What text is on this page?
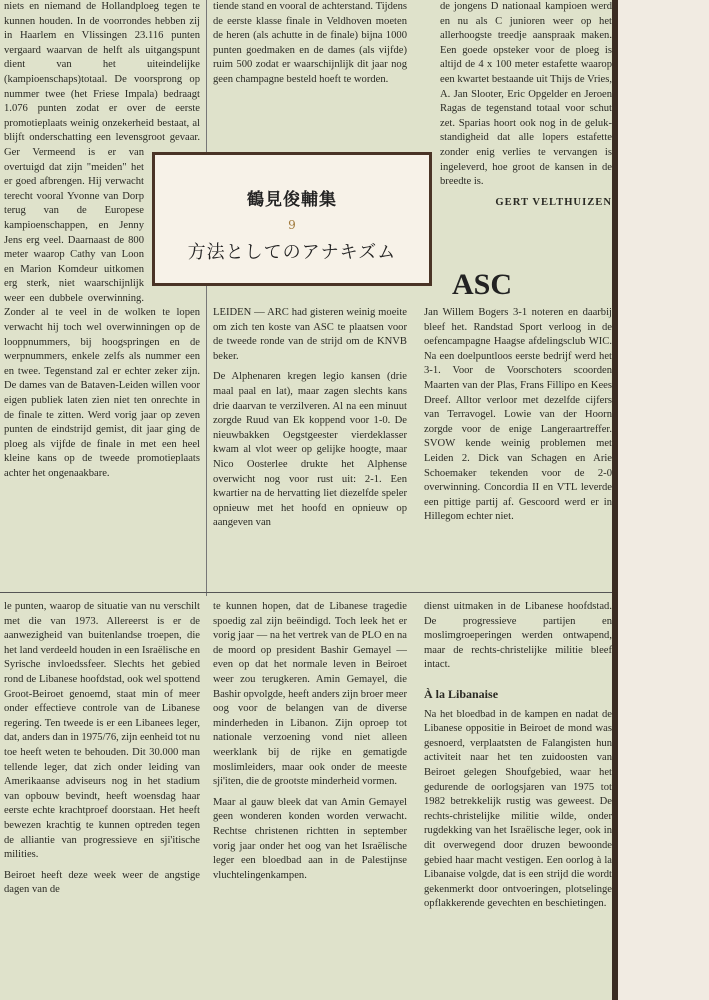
niets en niemand de Hollandploeg tegen te kunnen houden. In de voorrondes hebben zij in Haarlem en Vlissingen 23.116 punten vergaard waarvan de helft als uitgangspunt dient van het uiteindelijke (kampioenschaps)totaal. De voorsprong op nummer twee (het Friese Impala) bedraagt 1.076 punten zodat er over de eerste promotieplaats weinig onzekerheid bestaat, al blijft onderschatting een levensgroot gevaar. Ger Vermeend is er van overtuigd dat zijn "meiden" het er goed afbrengen. Hij verwacht terecht vooral Yvonne van Dorp terug van de Europese kampioenschappen, en Jenny Jens erg veel. Daarnaast de 800 meter waarop Cathy van Loon en Marion Komdeur uitkomen erg sterk, niet waarschijnlijk weer een dubbele overwinning. Zonder al te veel in de wolken te lopen verwacht hij toch wel overwinningen op de looppnummers, bij hoogspringen en de werpnummers, enkele zelfs als nummer een en twee. Tegenstand zal er echter zeker zijn. De dames van de Bataven-Leiden willen voor eigen publiek laten zien niet ten onrechte in de finale te zitten. Werd vorig jaar op zeven punten de eindstrijd gemist, dit jaar ging de ploeg als vijfde de finale in met een heel kleine kans op de tweede promotieplaats achter het ongenaakbare.

tiende stand en vooral de achterstand. Tijdens de eerste klasse finale in Veldhoven moeten de heren (als achutte in de finale) bijna 1000 punten goedmaken en de dames (als vijfde) ruim 500 zodat er waarschijnlijk dit jaar nog geen champagne besteld hoeft te worden.

LEIDEN — ARC had gisteren weinig moeite om zich ten koste van ASC te plaatsen voor de tweede ronde van de strijd om de KNVB beker.

De Alphenaren kregen legio kansen (drie maal paal en lat), maar zagen slechts kans drie daarvan te verzilveren. Al na een minuut zorgde Ruud van Ek koppend voor 1-0. De nieuwbakken Oegstgeester vierdeklasser kwam al vlot weer op gelijke hoogte, maar Nico Oosterlee drukte het Alphense overwicht nog voor rust uit: 2-1. Een kwartier na de hervatting liet diezelfde speler opnieuw met het hoofd en opnieuw op aangeven van

de jongens D nationaal kampioen werd en nu als C junioren weer op het allerhoogste treedje aanspraak maken. Een goede opsteker voor de ploeg is altijd de 4 x 100 meter estafette waarop een kwartet bestaande uit Thijs de Vries, A. Jan Slooter, Eric Opgelder en Jeroen Ragas de tegenstand totaal voor schut zet. Sparias hoort ook nog in de geluk-standigheid dat alle lopers estafette zonder enig verlies te vervangen is ingeleverd, hoe groot de kansen in de breedte is.

GERT VELTHUIZEN

ASC

Jan Willem Bogers 3-1 noteren en daarbij bleef het. Randstad Sport verloog in de oefencampagne Haagse afdelingsclub WIC. Na een doelpuntloos eerste bedrijf werd het 3-1. Voor de Voorschoters scoorden Maarten van der Plas, Frans Fillipo en Kees Dreef. Alltor verloor met dezelfde cijfers van Terravogel. Lowie van der Hoorn zorgde voor de enige Langeraartreffer. SVOW kende weinig problemen met Leiden 2. Dick van Schagen en Arie Schoemaker tekenden voor de 2-0 overwinning. Concordia II en VTL leverde een pittige partij af. Gescoord werd er in Hillegom echter niet.

le punten, waarop de situatie van nu verschilt met die van 1973. Allereerst is er de aanwezigheid van buitenlandse troepen, die het land verdeeld houden in een Israëlische en Syrische invloedssfeer. Slechts het gebied rond de Libanese hoofdstad, ook wel spottend Groot-Beiroet genoemd, staat min of meer onder effectieve controle van de Libanese regering. Ten tweede is er een Libanees leger, dat, anders dan in 1975/76, zijn eenheid tot nu toe heeft weten te behouden. Dit 30.000 man tellende leger, dat zich onder leiding van Amerikaanse adviseurs nog in het stadium van opbouw bevindt, heeft woensdag haar eerste echte krachtproef doorstaan. Het heeft bewezen krachtig te kunnen optreden tegen de alliantie van progressieve en sji'itische milities.

Beiroet heeft deze week weer de angstige dagen van de

te kunnen hopen, dat de Libanese tragedie spoedig zal zijn beëindigd. Toch leek het er vorig jaar — na het vertrek van de PLO en na de moord op president Bashir Gemayel — even op dat het normale leven in Beiroet weer zou terugkeren. Amin Gemayel, die Bashir opvolgde, heeft anders zijn broer meer oog voor de belangen van de diverse minderheden in Libanon. Zijn oproep tot nationale verzoening vond niet alleen weerklank bij de rijke en gematigde moslimleiders, maar ook onder de meeste sji'iten, die de grootste minderheid vormen.

Maar al gauw bleek dat van Amin Gemayel geen wonderen konden worden verwacht. Rechtse christenen richtten in september vorig jaar onder het oog van het Israëlische leger een bloedbad aan in de Palestijnse vluchtelingenkampen.

dienst uitmaken in de Libanese hoofdstad. De progressieve partijen en moslimgroeperingen werden ontwapend, maar de rechts-christelijke militie bleef intact.

À la Libanaise

Na het bloedbad in de kampen en nadat de Libanese oppositie in Beiroet de mond was gesnoerd, verplaatsten de Falangisten hun activiteit naar het ten zuidoosten van Beiroet gelegen Shoufgebied, waar het gedurende de oorlogsjaren van 1975 tot 1982 betrekkelijk rustig was geweest. De rechts-christelijke militie wilde, onder rugdekking van het Israëlische leger, ook in dit overwegend door druzen bewoonde gebied haar macht vestigen. Een oorlog à la Libanaise volgde, dat is een strijd die wordt gekenmerkt door ontvoeringen, plotselinge opflakkerende gevechten en beschietingen.

鶴見俊輔集
9
方法としてのアナキズム
